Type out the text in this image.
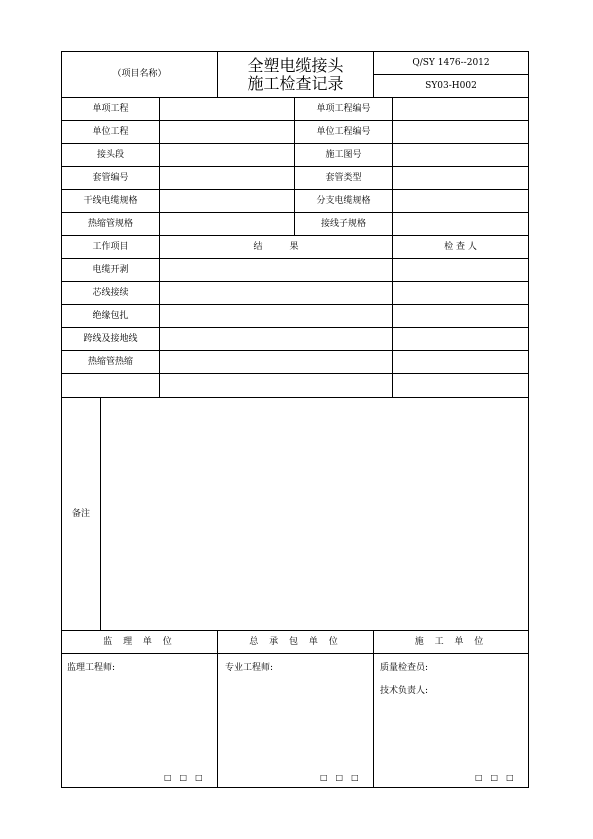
（项目名称）	全塑电缆接头
施工检查记录
Q/SY 1476--2012
SY03-H002
单项工程	单项工程编号
单位工程	单位工程编号
接头段	施工图号
套管编号	套管类型
干线电缆规格	分支电缆规格
热缩管规格	接线子规格
工作项目	结　　　果	检 查 人
电缆开剥
芯线接续
绝缘包扎
跨线及接地线
热缩管热缩
备注
监 理 单 位	总 承 包 单 位	施 工 单 位
监理工程师:	专业工程师:	质量检查员:
技术负责人:
□　□　□	□　□　□	□　□　□
